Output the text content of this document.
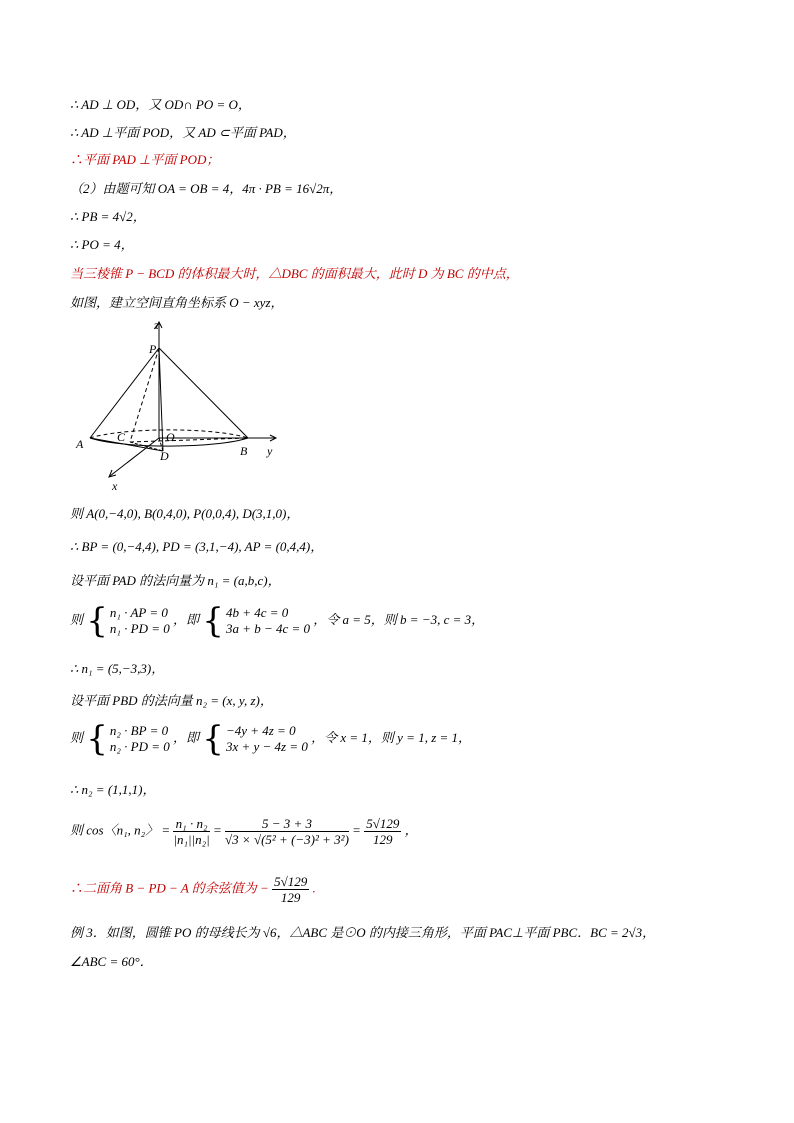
∴ AD ⊥ OD，又 OD∩ PO = O，
∴ AD ⊥平面 POD，又 AD ⊂平面 PAD，
∴平面 PAD ⊥平面 POD；
（2）由题可知 OA = OB = 4，4π · PB = 16√2π，
∴ PB = 4√2，
∴ PO = 4，
当三棱锥 P − BCD 的体积最大时，△DBC 的面积最大，此时 D 为 BC 的中点，
如图，建立空间直角坐标系 O − xyz，
z
P
A	C	O
D	B y
x
则 A(0,−4,0), B(0,4,0), P(0,0,4), D(3,1,0)，
∴ BP = (0,−4,4), PD = (3,1,−4), AP = (0,4,4)，
设平面 PAD 的法向量为 n₁ = (a,b,c)，
则 { n₁ · AP = 0
n₁ · PD = 0
，即 { 4b + 4c = 0
3a + b − 4c = 0
，令 a = 5，则 b = −3, c = 3，
∴ n₁ = (5,−3,3)，
设平面 PBD 的法向量 n₂ = (x, y, z)，
则 { n₂ · BP = 0
n₂ · PD = 0
，即 { −4y + 4z = 0
3x + y − 4z = 0
，令 x = 1，则 y = 1, z = 1，
∴ n₂ = (1,1,1)，
则 cos〈n₁, n₂〉 = $\frac{\text{n₁ · n₂}}{\text{|n₁||n₂|}} = \frac{5 - 3 + 3}{\text{√3 × √(5² + (−3)² + 3²)}} = \frac{5√129}{129}$ ，
∴二面角 B − PD − A 的余弦值为 − $\frac{5√129}{129}$ .
例 3．如图，圆锥 PO 的母线长为 √6，△ABC 是⊙O 的内接三角形，平面 PAC⊥平面 PBC．BC = 2√3，
∠ABC = 60°．
